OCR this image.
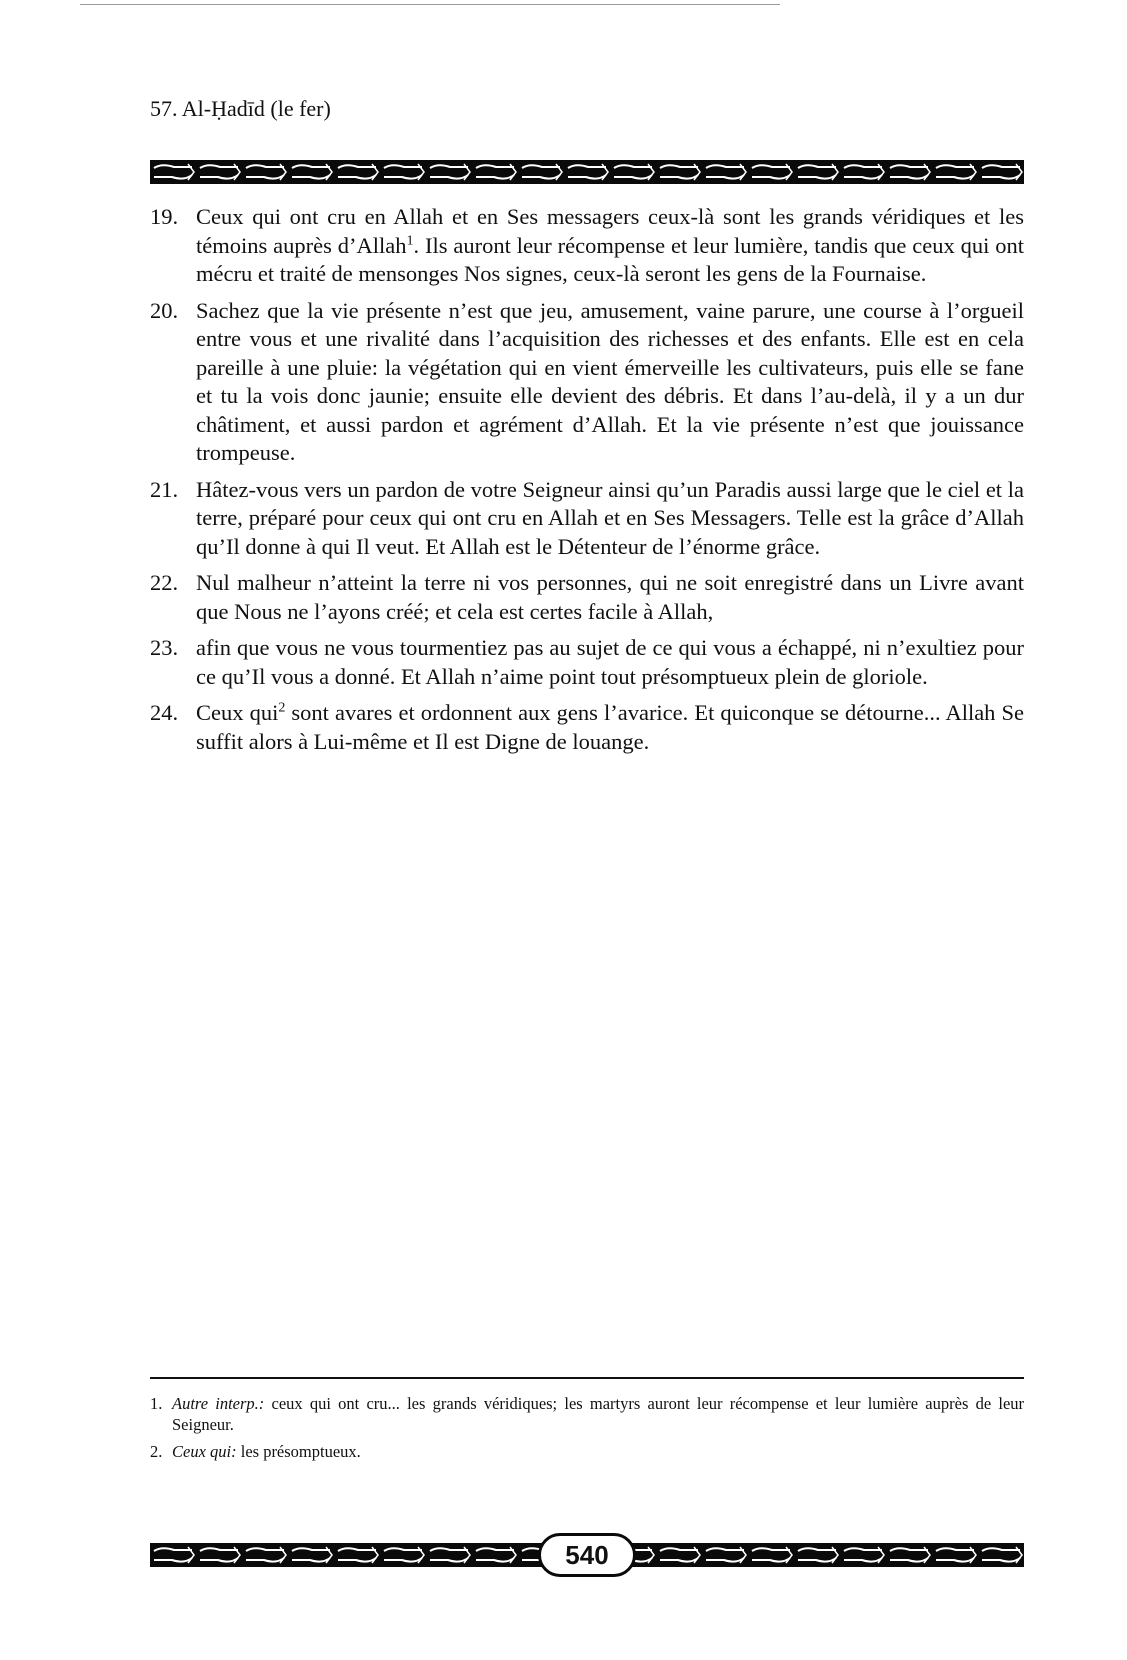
57. Al-Ḥadīd (le fer)
19. Ceux qui ont cru en Allah et en Ses messagers ceux-là sont les grands véridiques et les témoins auprès d’Allah$^1$. Ils auront leur récompense et leur lumière, tandis que ceux qui ont mécru et traité de mensonges Nos signes, ceux-là seront les gens de la Fournaise.
20. Sachez que la vie présente n’est que jeu, amusement, vaine parure, une course à l’orgueil entre vous et une rivalité dans l’acquisition des richesses et des enfants. Elle est en cela pareille à une pluie: la végétation qui en vient émerveille les cultivateurs, puis elle se fane et tu la vois donc jaunie; ensuite elle devient des débris. Et dans l’au-delà, il y a un dur châtiment, et aussi pardon et agrément d’Allah. Et la vie présente n’est que jouissance trompeuse.
21. Hâtez-vous vers un pardon de votre Seigneur ainsi qu’un Paradis aussi large que le ciel et la terre, préparé pour ceux qui ont cru en Allah et en Ses Messagers. Telle est la grâce d’Allah qu’Il donne à qui Il veut. Et Allah est le Détenteur de l’énorme grâce.
22. Nul malheur n’atteint la terre ni vos personnes, qui ne soit enregistré dans un Livre avant que Nous ne l’ayons créé; et cela est certes facile à Allah,
23. afin que vous ne vous tourmentiez pas au sujet de ce qui vous a échappé, ni n’exultiez pour ce qu’Il vous a donné. Et Allah n’aime point tout présomptueux plein de gloriole.
24. Ceux qui$^2$ sont avares et ordonnent aux gens l’avarice. Et quiconque se détourne... Allah Se suffit alors à Lui-même et Il est Digne de louange.
1. Autre interp.: ceux qui ont cru... les grands véridiques; les martyrs auront leur récompense et leur lumière auprès de leur Seigneur.
2. Ceux qui: les présomptueux.
540
